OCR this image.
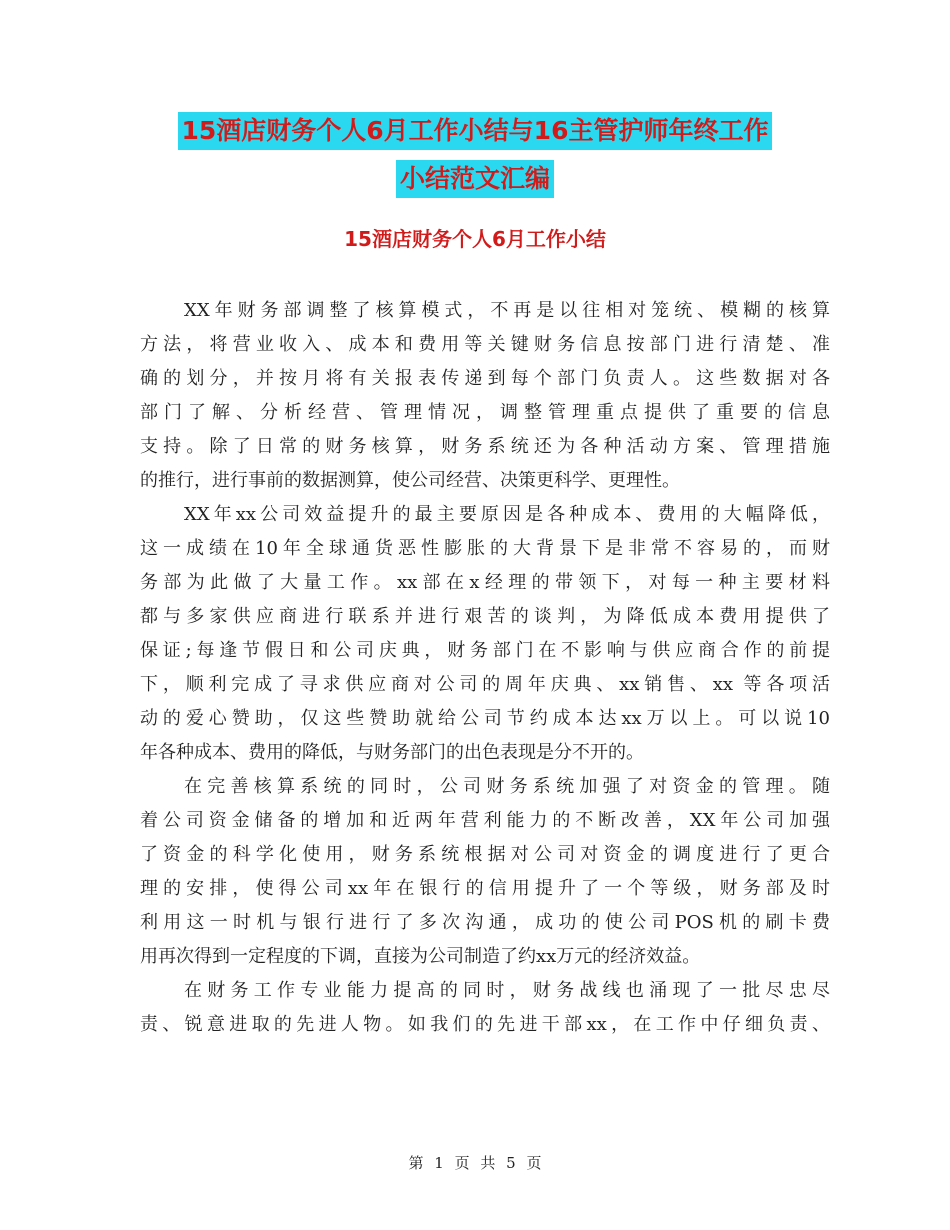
15酒店财务个人6月工作小结与16主管护师年终工作
小结范文汇编
15酒店财务个人6月工作小结
XX年财务部调整了核算模式，不再是以往相对笼统、模糊的核算
方法，将营业收入、成本和费用等关键财务信息按部门进行清楚、准
确的划分，并按月将有关报表传递到每个部门负责人。这些数据对各
部门了解、分析经营、管理情况，调整管理重点提供了重要的信息
支持。除了日常的财务核算，财务系统还为各种活动方案、管理措施
的推行，进行事前的数据测算，使公司经营、决策更科学、更理性。
XX年xx公司效益提升的最主要原因是各种成本、费用的大幅降低，
这一成绩在10年全球通货恶性膨胀的大背景下是非常不容易的，而财
务部为此做了大量工作。xx部在x经理的带领下，对每一种主要材料
都与多家供应商进行联系并进行艰苦的谈判，为降低成本费用提供了
保证;每逢节假日和公司庆典，财务部门在不影响与供应商合作的前提
下，顺利完成了寻求供应商对公司的周年庆典、xx销售、xx 等各项活
动的爱心赞助，仅这些赞助就给公司节约成本达xx万以上。可以说10
年各种成本、费用的降低，与财务部门的出色表现是分不开的。
在完善核算系统的同时，公司财务系统加强了对资金的管理。随
着公司资金储备的增加和近两年营利能力的不断改善，XX年公司加强
了资金的科学化使用，财务系统根据对公司对资金的调度进行了更合
理的安排，使得公司xx年在银行的信用提升了一个等级，财务部及时
利用这一时机与银行进行了多次沟通，成功的使公司POS机的刷卡费
用再次得到一定程度的下调，直接为公司制造了约xx万元的经济效益。
在财务工作专业能力提高的同时，财务战线也涌现了一批尽忠尽
责、锐意进取的先进人物。如我们的先进干部xx，在工作中仔细负责、
第 1 页 共 5 页
